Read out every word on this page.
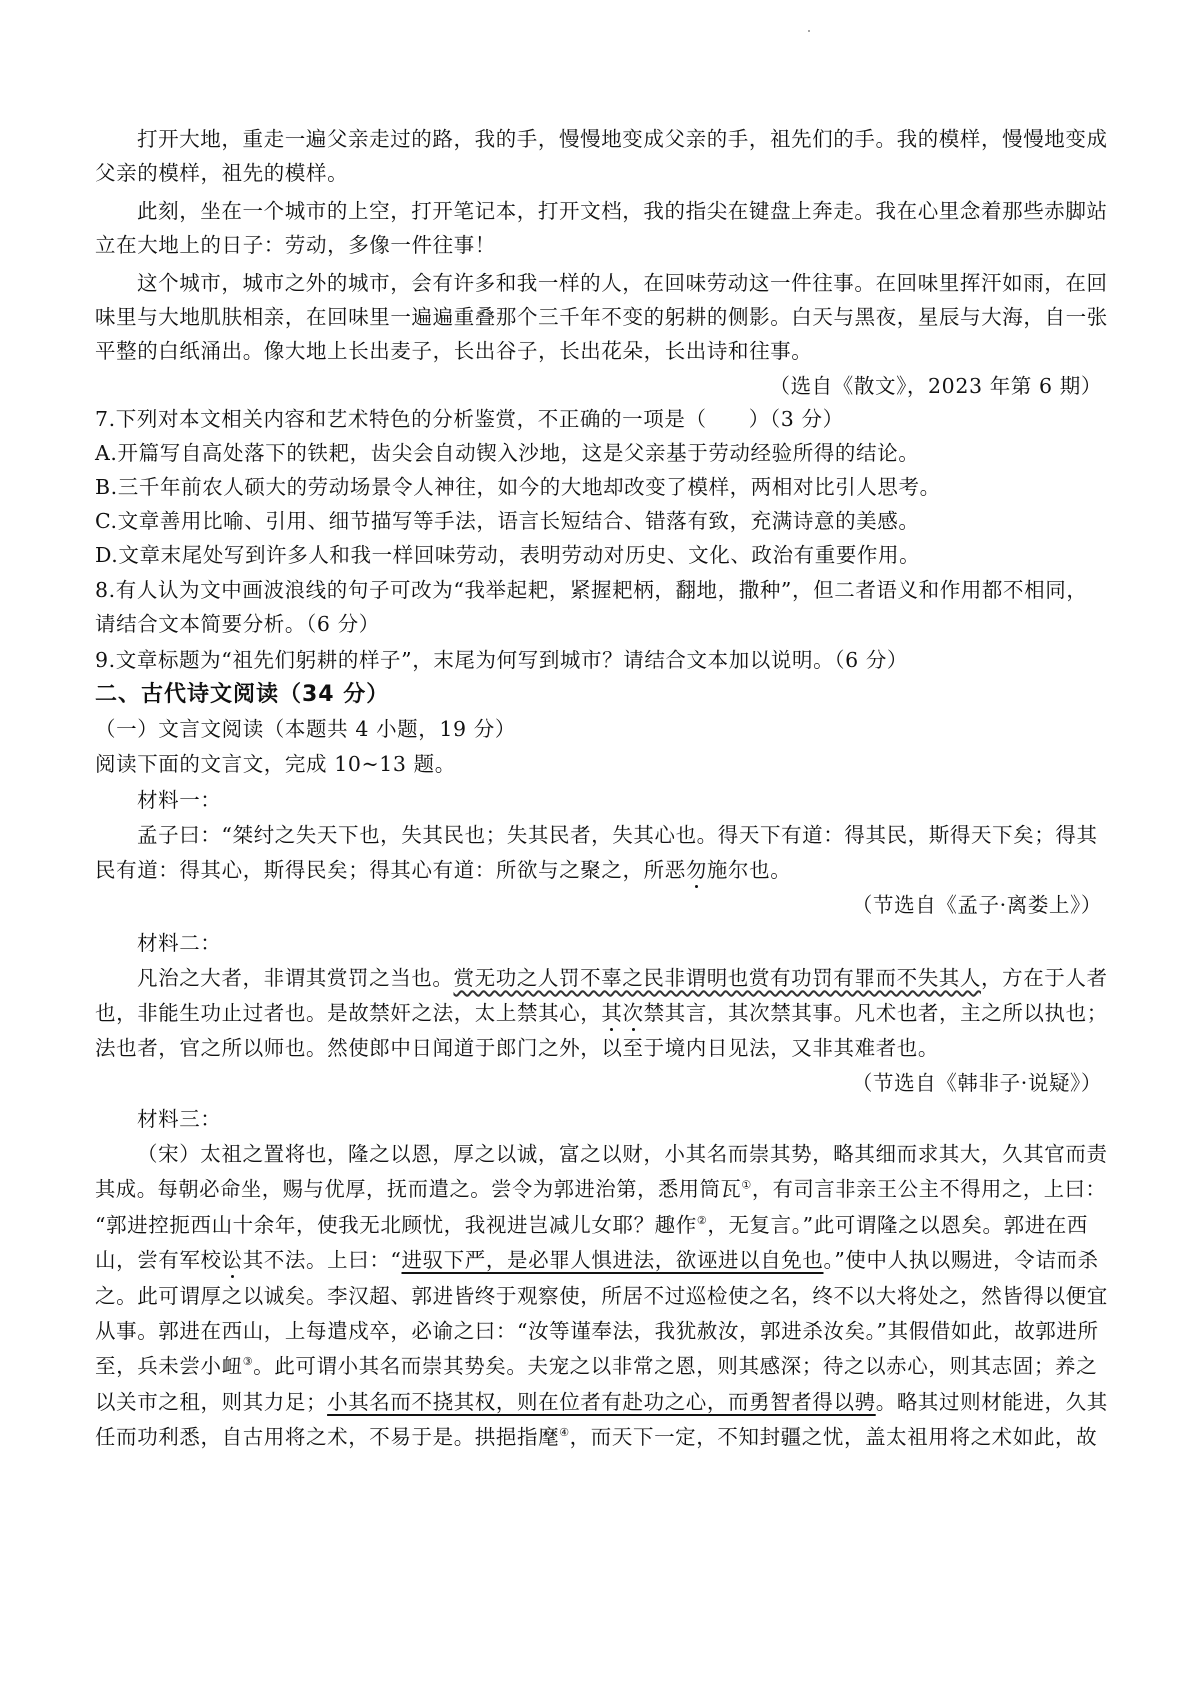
打开大地，重走一遍父亲走过的路，我的手，慢慢地变成父亲的手，祖先们的手。我的模样，慢慢地变成
父亲的模样，祖先的模样。
此刻，坐在一个城市的上空，打开笔记本，打开文档，我的指尖在键盘上奔走。我在心里念着那些赤脚站
立在大地上的日子：劳动，多像一件往事！
这个城市，城市之外的城市，会有许多和我一样的人，在回味劳动这一件往事。在回味里挥汗如雨，在回
味里与大地肌肤相亲，在回味里一遍遍重叠那个三千年不变的躬耕的侧影。白天与黑夜，星辰与大海，自一张
平整的白纸涌出。像大地上长出麦子，长出谷子，长出花朵，长出诗和往事。
（选自《散文》，2023 年第 6 期）
7.下列对本文相关内容和艺术特色的分析鉴赏，不正确的一项是（　　）（3 分）
A.开篇写自高处落下的铁耙，齿尖会自动锲入沙地，这是父亲基于劳动经验所得的结论。
B.三千年前农人硕大的劳动场景令人神往，如今的大地却改变了模样，两相对比引人思考。
C.文章善用比喻、引用、细节描写等手法，语言长短结合、错落有致，充满诗意的美感。
D.文章末尾处写到许多人和我一样回味劳动，表明劳动对历史、文化、政治有重要作用。
8.有人认为文中画波浪线的句子可改为“我举起耙，紧握耙柄，翻地，撒种”，但二者语义和作用都不相同，
请结合文本简要分析。（6 分）
9.文章标题为“祖先们躬耕的样子”，末尾为何写到城市？请结合文本加以说明。（6 分）
二、古代诗文阅读（34 分）
（一）文言文阅读（本题共 4 小题，19 分）
阅读下面的文言文，完成 10~13 题。
材料一：
孟子曰：“桀纣之失天下也，失其民也；失其民者，失其心也。得天下有道：得其民，斯得天下矣；得其
民有道：得其心，斯得民矣；得其心有道：所欲与之聚之，所恶勿施尔也。
（节选自《孟子·离娄上》）
材料二：
凡治之大者，非谓其赏罚之当也。赏无功之人罚不辜之民非谓明也赏有功罚有罪而不失其人，方在于人者
也，非能生功止过者也。是故禁奸之法，太上禁其心，其次禁其言，其次禁其事。凡术也者，主之所以执也；
法也者，官之所以师也。然使郎中日闻道于郎门之外，以至于境内日见法，又非其难者也。
（节选自《韩非子·说疑》）
材料三：
（宋）太祖之置将也，隆之以恩，厚之以诚，富之以财，小其名而崇其势，略其细而求其大，久其官而责
其成。每朝必命坐，赐与优厚，抚而遣之。尝令为郭进治第，悉用筒瓦①，有司言非亲王公主不得用之，上曰：
“郭进控扼西山十余年，使我无北顾忧，我视进岂减儿女耶？趣作②，无复言。”此可谓隆之以恩矣。郭进在西
山，尝有军校讼其不法。上曰：“进驭下严，是必罪人惧进法，欲诬进以自免也。”使中人执以赐进，令诘而杀
之。此可谓厚之以诚矣。李汉超、郭进皆终于观察使，所居不过巡检使之名，终不以大将处之，然皆得以便宜
从事。郭进在西山，上每遣戍卒，必谕之曰：“汝等谨奉法，我犹赦汝，郭进杀汝矣。”其假借如此，故郭进所
至，兵未尝小衄③。此可谓小其名而崇其势矣。夫宠之以非常之恩，则其感深；待之以赤心，则其志固；养之
以关市之租，则其力足；小其名而不挠其权，则在位者有赴功之心，而勇智者得以骋。略其过则材能进，久其
任而功利悉，自古用将之术，不易于是。拱挹指麾④，而天下一定，不知封疆之忧，盖太祖用将之术如此，故
